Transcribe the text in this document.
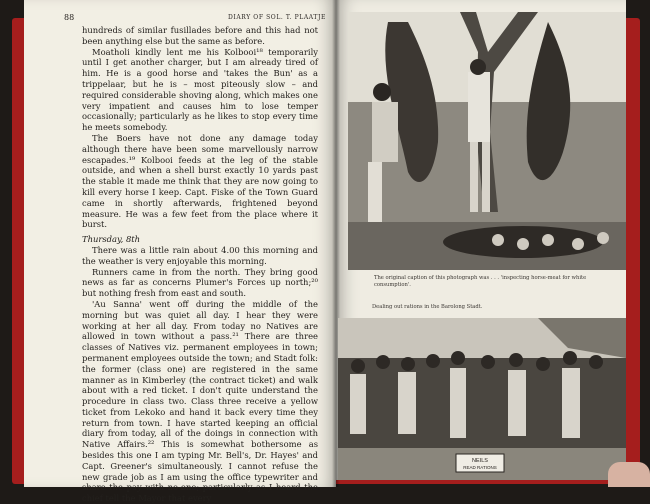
88	DIARY OF SOL. T. PLAATJE

hundreds of similar fusillades before and this had not been anything else but the same as before.

Moatholi kindly lent me his Kolbooi¹⁸ temporarily until I get another charger, but I am already tired of him. He is a good horse and 'takes the Bun' as a trippelaar, but he is – most piteously slow – and required considerable shoving along, which makes one very impatient and causes him to lose temper occasionally; particularly as he likes to stop every time he meets somebody.

The Boers have not done any damage today although there have been some marvellously narrow escapades.¹⁹ Kolbooi feeds at the leg of the stable outside, and when a shell burst exactly 10 yards past the stable it made me think that they are now going to kill every horse I keep. Capt. Fiske of the Town Guard came in shortly afterwards, frightened beyond measure. He was a few feet from the place where it burst.

Thursday, 8th

There was a little rain about 4.00 this morning and the weather is very enjoyable this morning.

Runners came in from the north. They bring good news as far as concerns Plumer's Forces up north;²⁰ but nothing fresh from east and south.

'Au Sanna' went off during the middle of the morning but was quiet all day. I hear they were working at her all day. From today no Natives are allowed in town without a pass.²¹ There are three classes of Natives viz. permanent employees in town; permanent employees outside the town; and Stadt folk: the former (class one) are registered in the same manner as in Kimberley (the contract ticket) and walk about with a red ticket. I don't quite understand the procedure in class two. Class three receive a yellow ticket from Lekoko and hand it back every time they return from town. I have started keeping an official diary from today, all of the doings in connection with Native Affairs.²² This is somewhat bothersome as besides this one I am typing Mr. Bell's, Dr. Hayes' and Capt. Greener's simultaneously. I cannot refuse the new grade job as I am using the office typewriter and share the pay with no-one; particularly as I heard the chief tell the Mayor that every

The original caption of this photograph was . . . 'inspecting horse-meat for white consumption'.
Dealing out rations in the Barolong Stadt.
NEILS
READ RATIONS
